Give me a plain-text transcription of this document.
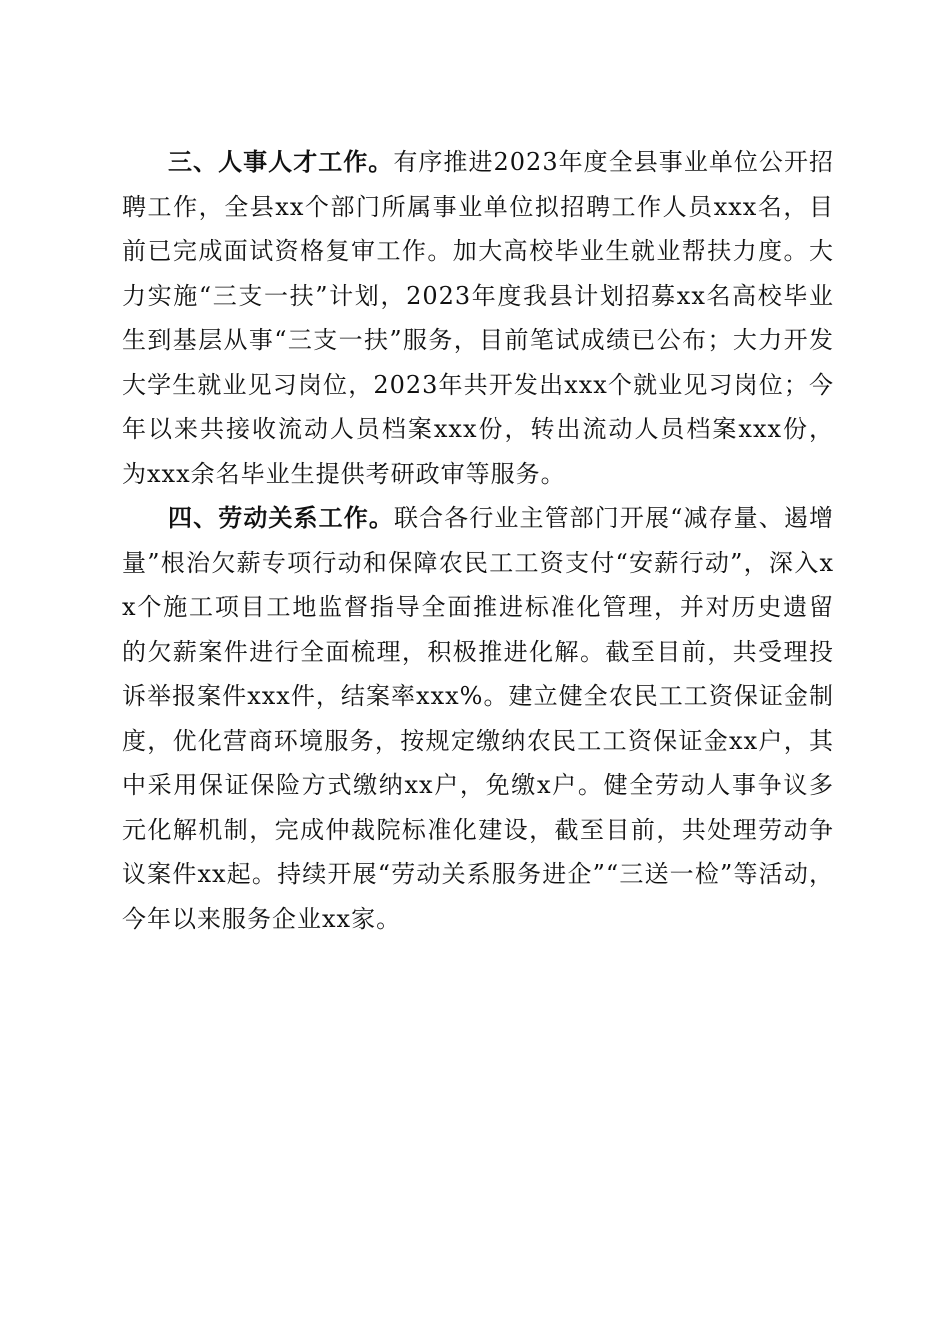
三、人事人才工作。有序推进2023年度全县事业单位公开招聘工作，全县xx个部门所属事业单位拟招聘工作人员xxx名，目前已完成面试资格复审工作。加大高校毕业生就业帮扶力度。大力实施“三支一扶”计划，2023年度我县计划招募xx名高校毕业生到基层从事“三支一扶”服务，目前笔试成绩已公布；大力开发大学生就业见习岗位，2023年共开发出xxx个就业见习岗位；今年以来共接收流动人员档案xxx份，转出流动人员档案xxx份，为xxx余名毕业生提供考研政审等服务。

四、劳动关系工作。联合各行业主管部门开展“减存量、遏增量”根治欠薪专项行动和保障农民工工资支付“安薪行动”，深入xx个施工项目工地监督指导全面推进标准化管理，并对历史遗留的欠薪案件进行全面梳理，积极推进化解。截至目前，共受理投诉举报案件xxx件，结案率xxx%。建立健全农民工工资保证金制度，优化营商环境服务，按规定缴纳农民工工资保证金xx户，其中采用保证保险方式缴纳xx户，免缴x户。健全劳动人事争议多元化解机制，完成仲裁院标准化建设，截至目前，共处理劳动争议案件xx起。持续开展“劳动关系服务进企”“三送一检”等活动，今年以来服务企业xx家。
